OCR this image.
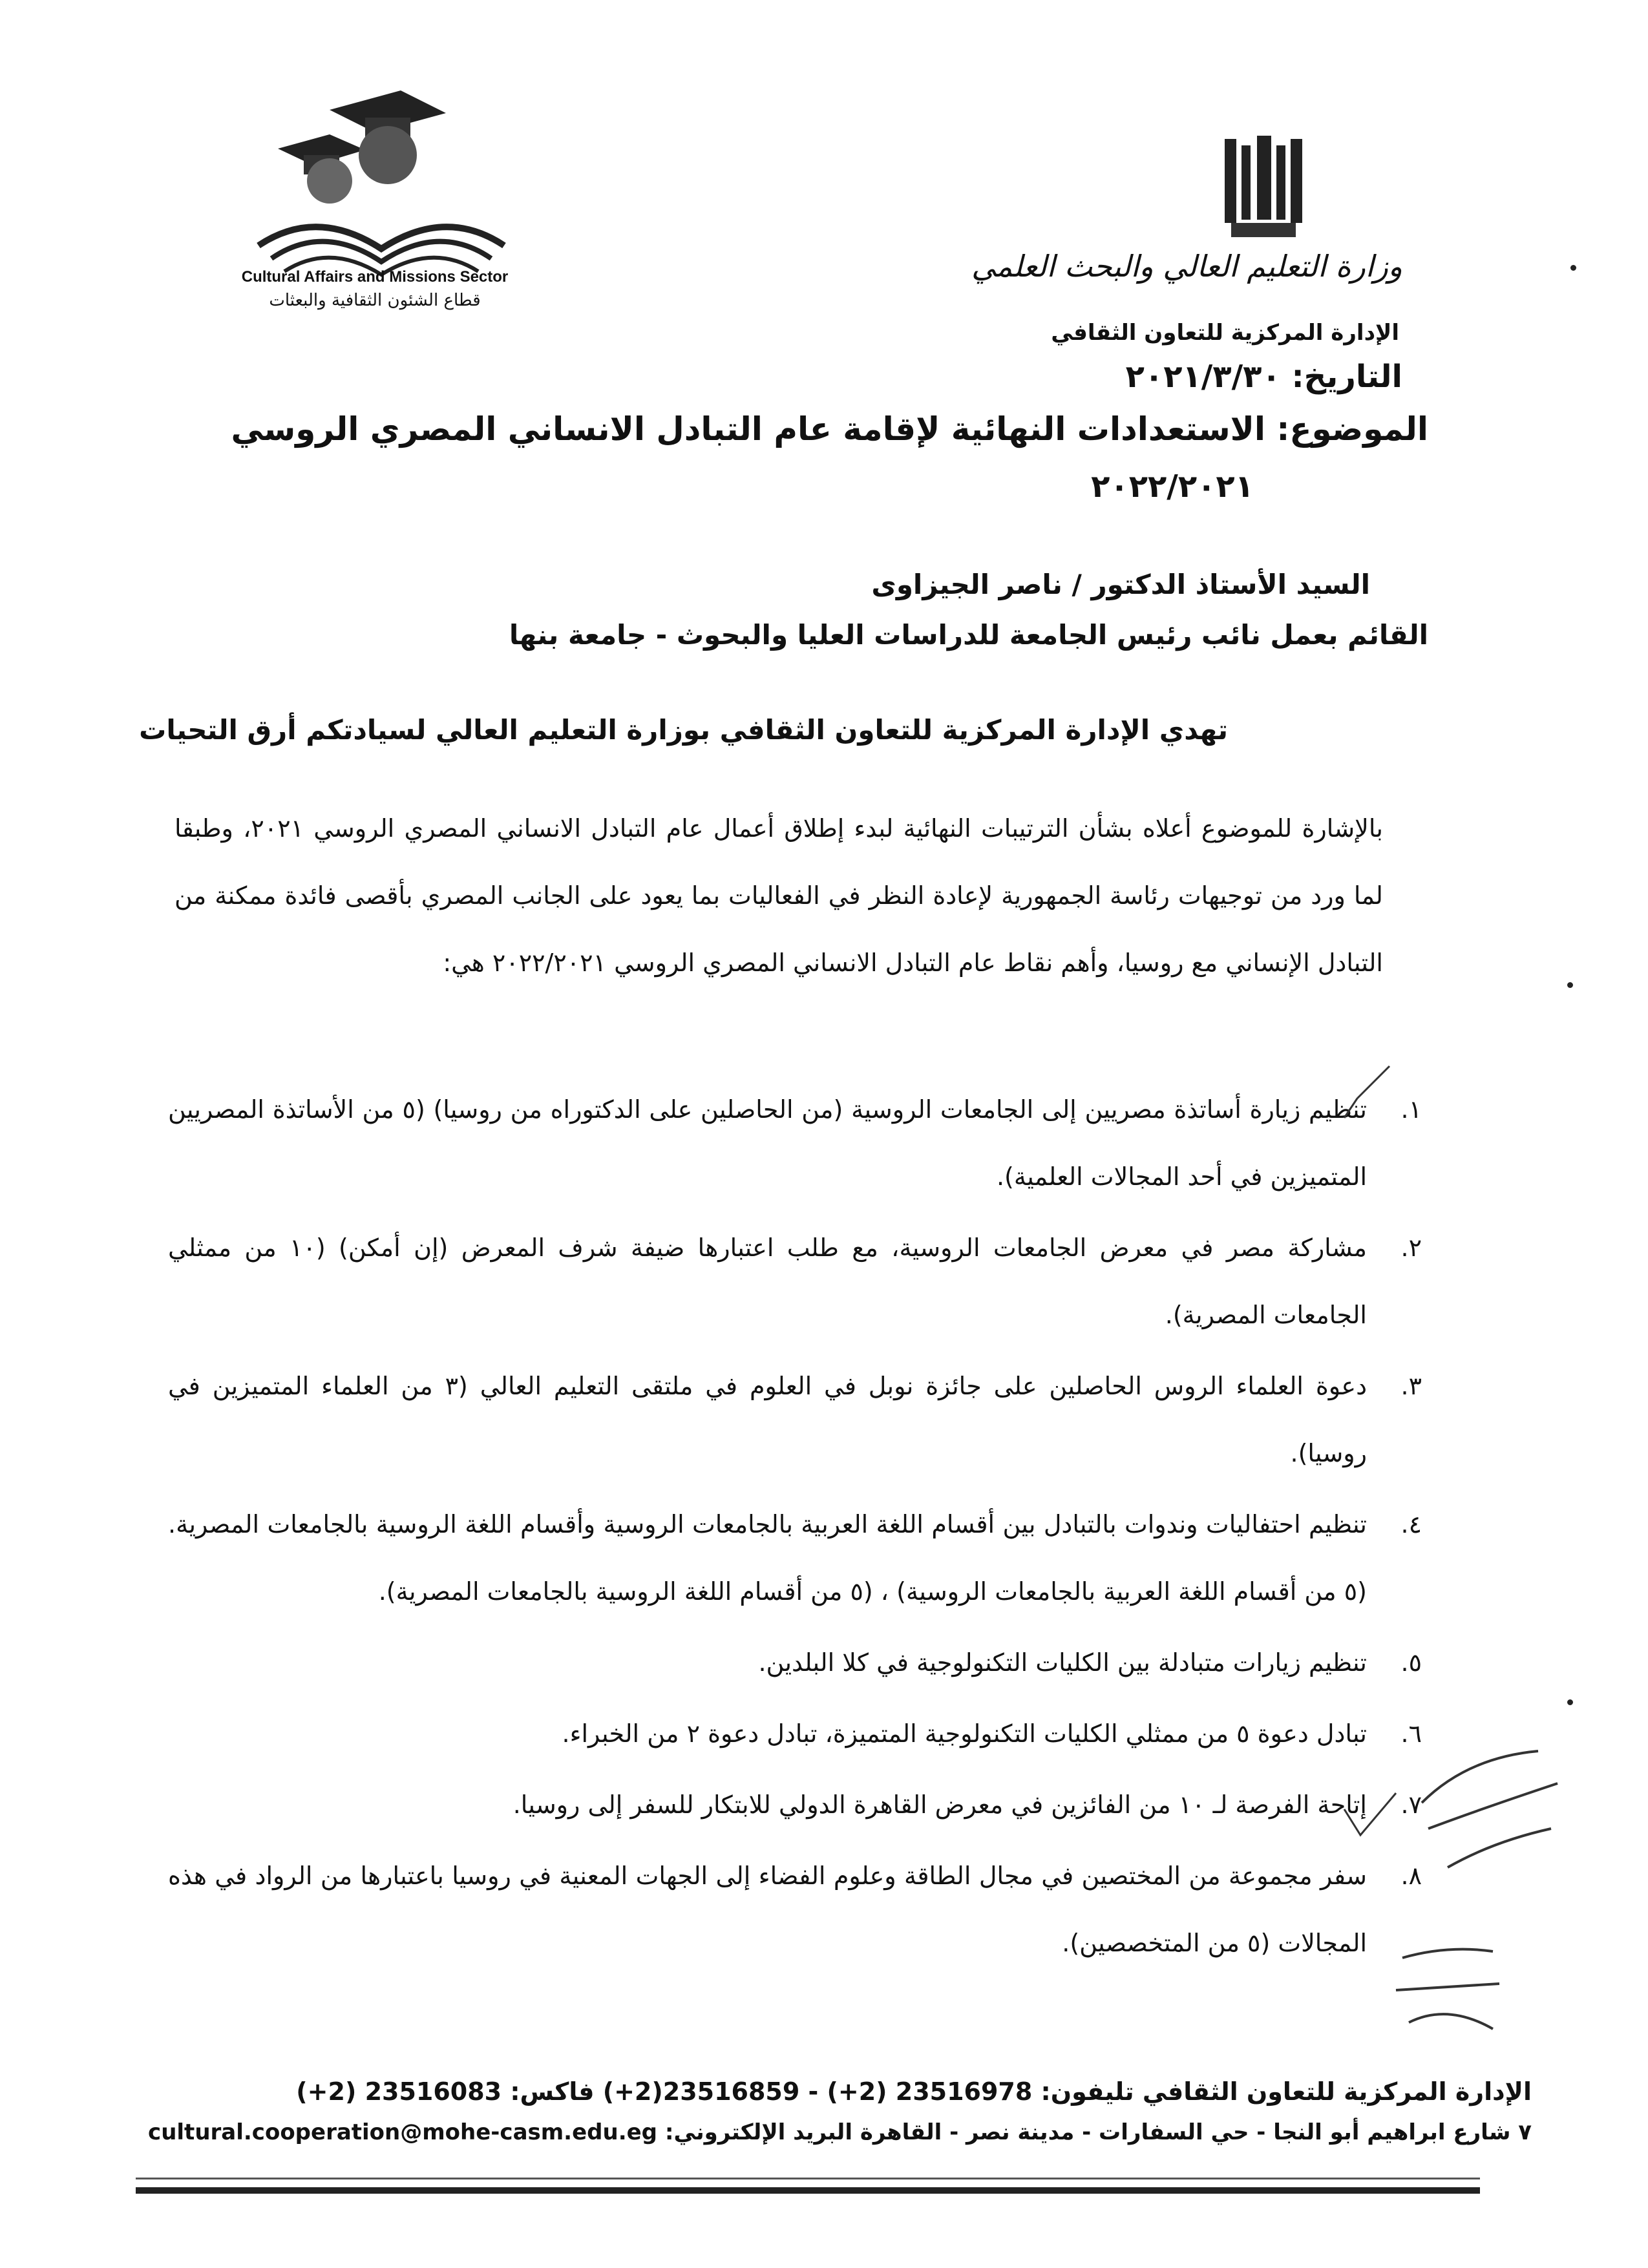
Cultural Affairs and Missions Sector
قطاع الشئون الثقافية والبعثات
وزارة التعليم العالي والبحث العلمي
الإدارة المركزية للتعاون الثقافي
التاريخ: ٢٠٢١/٣/٣٠
الموضوع: الاستعدادات النهائية لإقامة عام التبادل الانساني المصري الروسي
٢٠٢٢/٢٠٢١
السيد الأستاذ الدكتور / ناصر الجيزاوى
القائم بعمل نائب رئيس الجامعة للدراسات العليا والبحوث - جامعة بنها
تهدي الإدارة المركزية للتعاون الثقافي بوزارة التعليم العالي لسيادتكم أرق التحيات
بالإشارة للموضوع أعلاه بشأن الترتيبات النهائية لبدء إطلاق أعمال عام التبادل الانساني المصري الروسي ٢٠٢١، وطبقا لما ورد من توجيهات رئاسة الجمهورية لإعادة النظر في الفعاليات بما يعود على الجانب المصري بأقصى فائدة ممكنة من التبادل الإنساني مع روسيا، وأهم نقاط عام التبادل الانساني المصري الروسي ٢٠٢٢/٢٠٢١ هي:
١.
تنظيم زيارة أساتذة مصريين إلى الجامعات الروسية (من الحاصلين على الدكتوراه من روسيا) (٥ من الأساتذة المصريين المتميزين في أحد المجالات العلمية).
٢.
مشاركة مصر في معرض الجامعات الروسية، مع طلب اعتبارها ضيفة شرف المعرض (إن أمكن) (١٠ من ممثلي الجامعات المصرية).
٣.
دعوة العلماء الروس الحاصلين على جائزة نوبل في العلوم في ملتقى التعليم العالي (٣ من العلماء المتميزين في روسيا).
٤.
تنظيم احتفاليات وندوات بالتبادل بين أقسام اللغة العربية بالجامعات الروسية وأقسام اللغة الروسية بالجامعات المصرية. (٥ من أقسام اللغة العربية بالجامعات الروسية) ، (٥ من أقسام اللغة الروسية بالجامعات المصرية).
٥.
تنظيم زيارات متبادلة بين الكليات التكنولوجية في كلا البلدين.
٦.
تبادل دعوة ٥ من ممثلي الكليات التكنولوجية المتميزة، تبادل دعوة ٢ من الخبراء.
٧.
إتاحة الفرصة لـ ١٠ من الفائزين في معرض القاهرة الدولي للابتكار للسفر إلى روسيا.
٨.
سفر مجموعة من المختصين في مجال الطاقة وعلوم الفضاء إلى الجهات المعنية في روسيا باعتبارها من الرواد في هذه المجالات (٥ من المتخصصين).
الإدارة المركزية للتعاون الثقافي تليفون: 23516978 (2+) - 23516859(2+) فاكس: 23516083 (2+)
٧ شارع ابراهيم أبو النجا - حي السفارات - مدينة نصر - القاهرة البريد الإلكتروني: cultural.cooperation@mohe-casm.edu.eg
